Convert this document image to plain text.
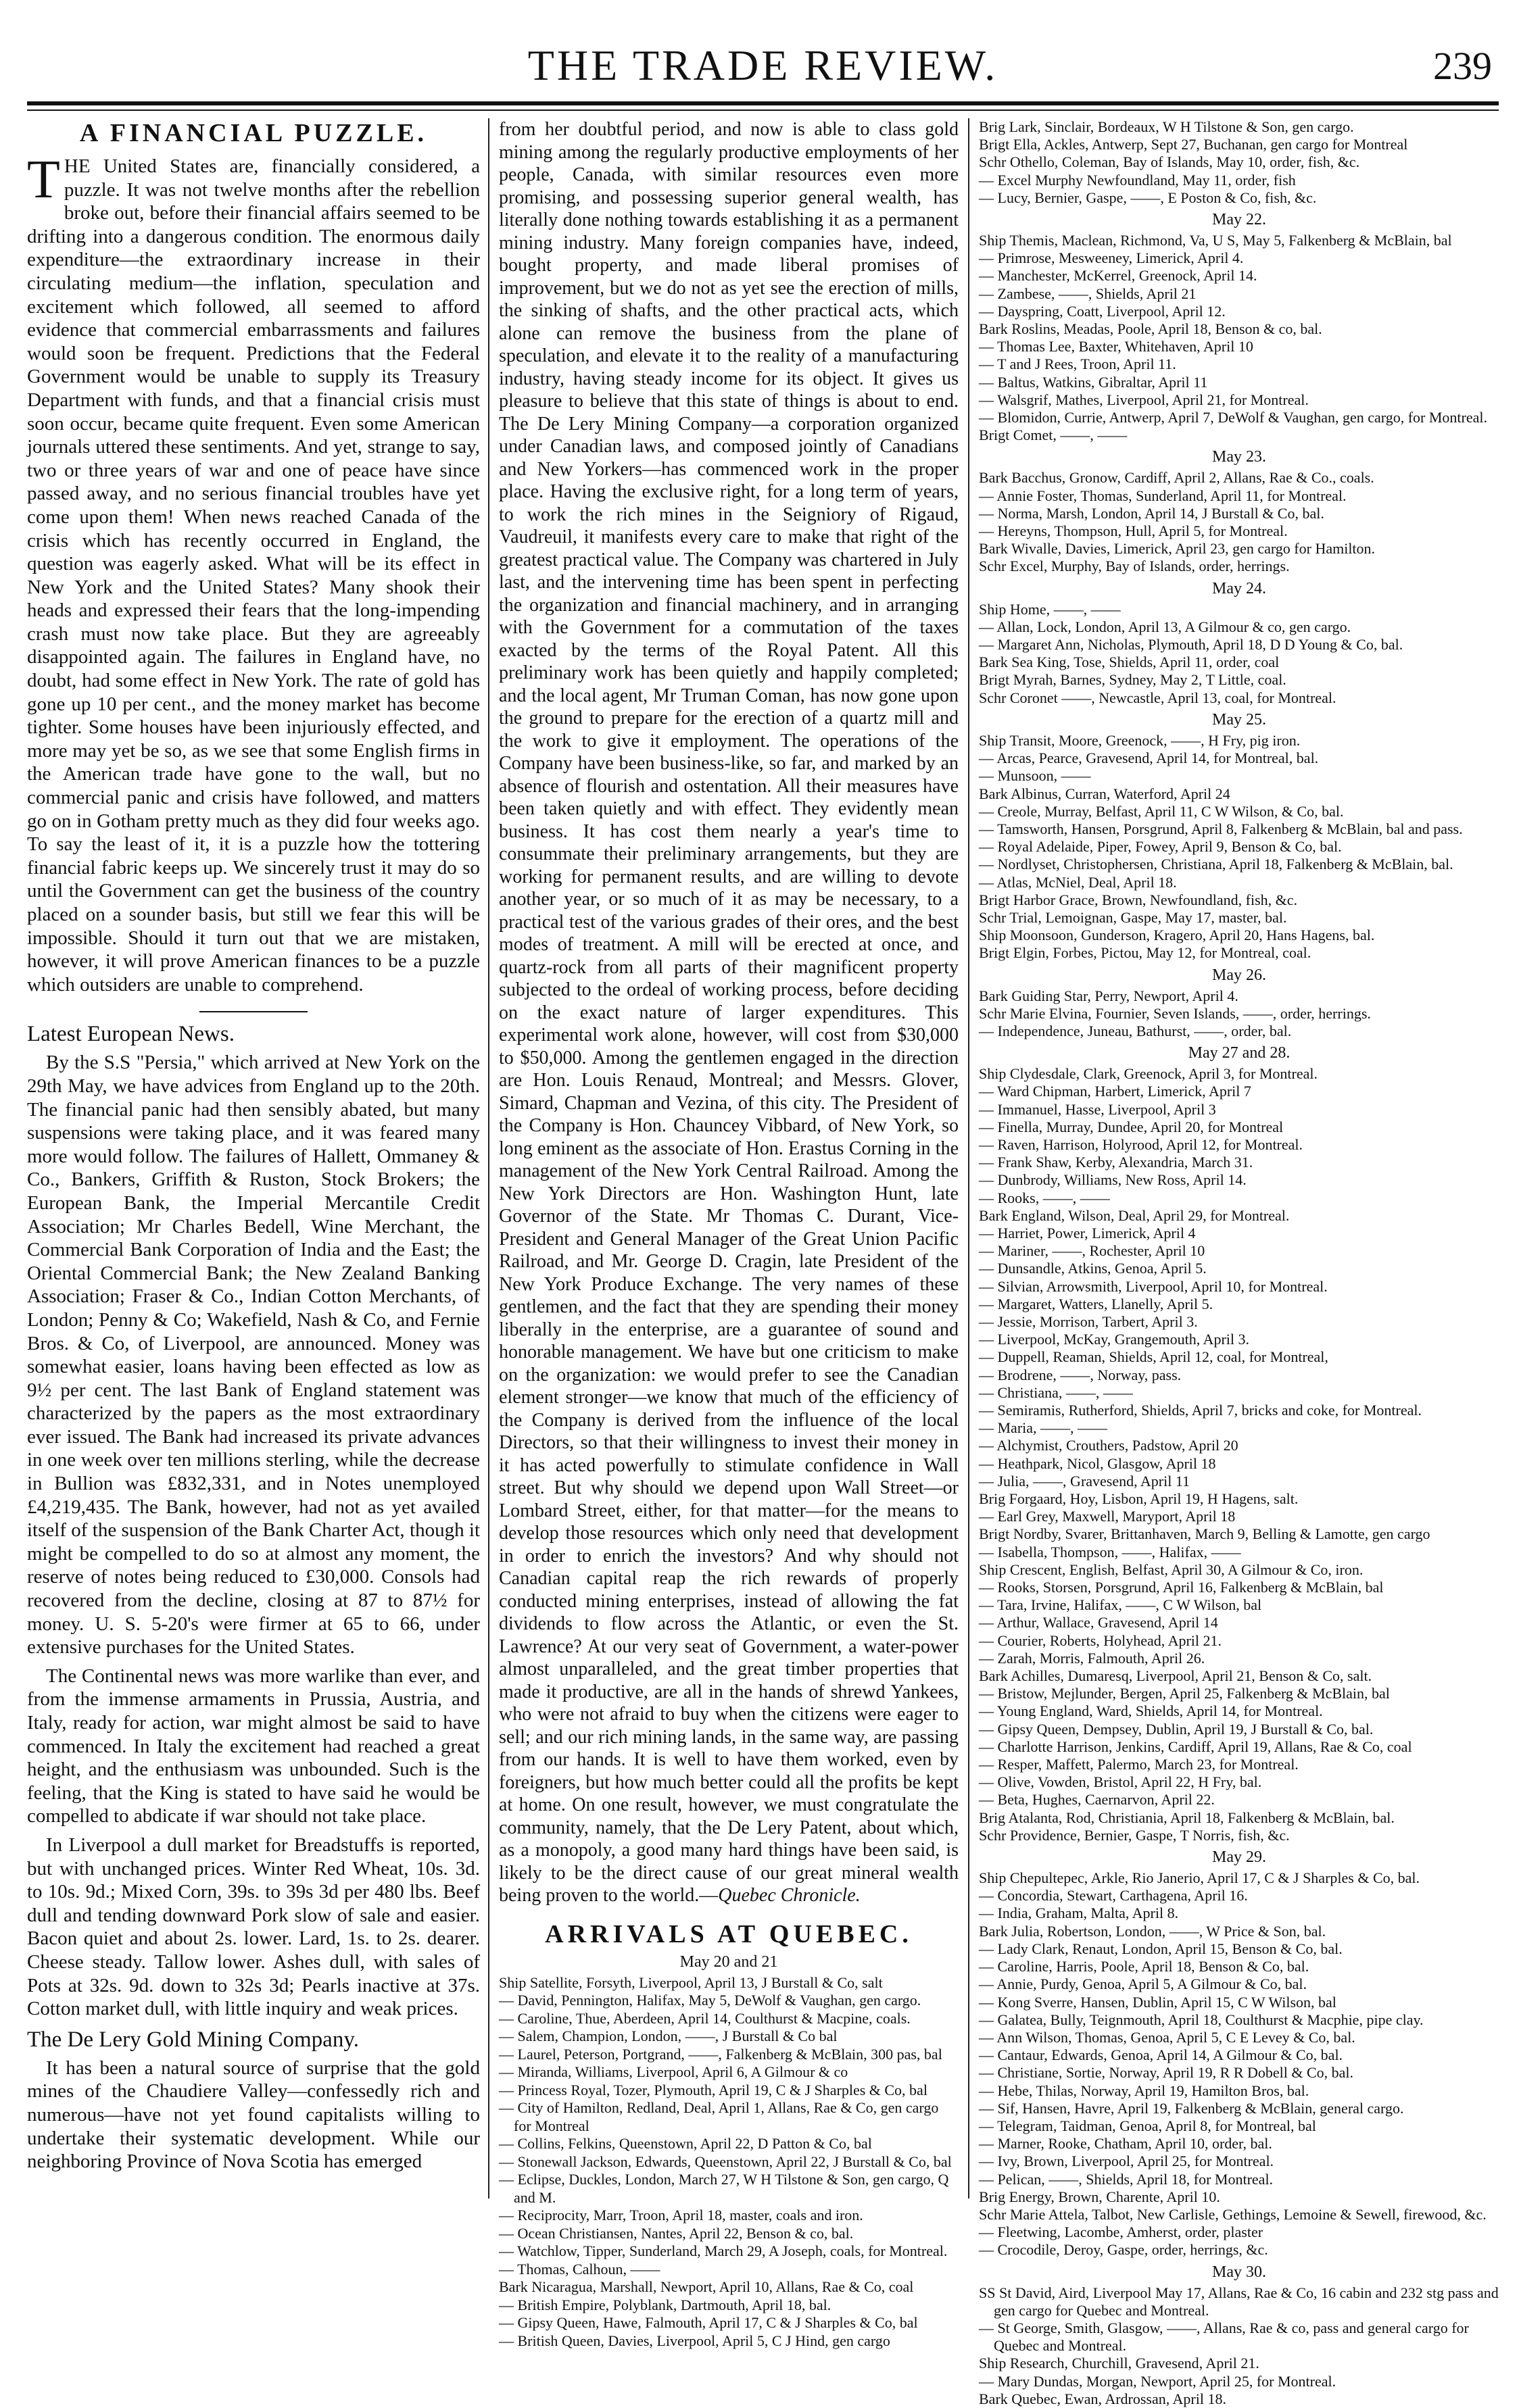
THE TRADE REVIEW.	239
A FINANCIAL PUZZLE.

THE United States are, financially considered, a puzzle. It was not twelve months after the rebellion broke out, before their financial affairs seemed to be drifting into a dangerous condition. The enormous daily expenditure—the extraordinary increase in their circulating medium—the inflation, speculation and excitement which followed, all seemed to afford evidence that commercial embarrassments and failures would soon be frequent. Predictions that the Federal Government would be unable to supply its Treasury Department with funds, and that a financial crisis must soon occur, became quite frequent. Even some American journals uttered these sentiments. And yet, strange to say, two or three years of war and one of peace have since passed away, and no serious financial troubles have yet come upon them! When news reached Canada of the crisis which has recently occurred in England, the question was eagerly asked. What will be its effect in New York and the United States? Many shook their heads and expressed their fears that the long-impending crash must now take place. But they are agreeably disappointed again. The failures in England have, no doubt, had some effect in New York. The rate of gold has gone up 10 per cent., and the money market has become tighter. Some houses have been injuriously effected, and more may yet be so, as we see that some English firms in the American trade have gone to the wall, but no commercial panic and crisis have followed, and matters go on in Gotham pretty much as they did four weeks ago. To say the least of it, it is a puzzle how the tottering financial fabric keeps up. We sincerely trust it may do so until the Government can get the business of the country placed on a sounder basis, but still we fear this will be impossible. Should it turn out that we are mistaken, however, it will prove American finances to be a puzzle which outsiders are unable to comprehend.

Latest European News.

By the S.S "Persia," which arrived at New York on the 29th May, we have advices from England up to the 20th. The financial panic had then sensibly abated, but many suspensions were taking place, and it was feared many more would follow. The failures of Hallett, Ommaney & Co., Bankers, Griffith & Ruston, Stock Brokers; the European Bank, the Imperial Mercantile Credit Association; Mr Charles Bedell, Wine Merchant, the Commercial Bank Corporation of India and the East; the Oriental Commercial Bank; the New Zealand Banking Association; Fraser & Co., Indian Cotton Merchants, of London; Penny & Co; Wakefield, Nash & Co, and Fernie Bros. & Co, of Liverpool, are announced. Money was somewhat easier, loans having been effected as low as 9½ per cent. The last Bank of England statement was characterized by the papers as the most extraordinary ever issued. The Bank had increased its private advances in one week over ten millions sterling, while the decrease in Bullion was £832,331, and in Notes unemployed £4,219,435. The Bank, however, had not as yet availed itself of the suspension of the Bank Charter Act, though it might be compelled to do so at almost any moment, the reserve of notes being reduced to £30,000. Consols had recovered from the decline, closing at 87 to 87½ for money. U. S. 5-20's were firmer at 65 to 66, under extensive purchases for the United States.

The Continental news was more warlike than ever, and from the immense armaments in Prussia, Austria, and Italy, ready for action, war might almost be said to have commenced. In Italy the excitement had reached a great height, and the enthusiasm was unbounded. Such is the feeling, that the King is stated to have said he would be compelled to abdicate if war should not take place.

In Liverpool a dull market for Breadstuffs is reported, but with unchanged prices. Winter Red Wheat, 10s. 3d. to 10s. 9d.; Mixed Corn, 39s. to 39s 3d per 480 lbs. Beef dull and tending downward Pork slow of sale and easier. Bacon quiet and about 2s. lower. Lard, 1s. to 2s. dearer. Cheese steady. Tallow lower. Ashes dull, with sales of Pots at 32s. 9d. down to 32s 3d; Pearls inactive at 37s. Cotton market dull, with little inquiry and weak prices.

The De Lery Gold Mining Company.

It has been a natural source of surprise that the gold mines of the Chaudiere Valley—confessedly rich and numerous—have not yet found capitalists willing to undertake their systematic development. While our neighboring Province of Nova Scotia has emerged

from her doubtful period, and now is able to class gold mining among the regularly productive employments of her people, Canada, with similar resources even more promising, and possessing superior general wealth, has literally done nothing towards establishing it as a permanent mining industry. Many foreign companies have, indeed, bought property, and made liberal promises of improvement, but we do not as yet see the erection of mills, the sinking of shafts, and the other practical acts, which alone can remove the business from the plane of speculation, and elevate it to the reality of a manufacturing industry, having steady income for its object. It gives us pleasure to believe that this state of things is about to end. The De Lery Mining Company—a corporation organized under Canadian laws, and composed jointly of Canadians and New Yorkers—has commenced work in the proper place. Having the exclusive right, for a long term of years, to work the rich mines in the Seigniory of Rigaud, Vaudreuil, it manifests every care to make that right of the greatest practical value. The Company was chartered in July last, and the intervening time has been spent in perfecting the organization and financial machinery, and in arranging with the Government for a commutation of the taxes exacted by the terms of the Royal Patent. All this preliminary work has been quietly and happily completed; and the local agent, Mr Truman Coman, has now gone upon the ground to prepare for the erection of a quartz mill and the work to give it employment. The operations of the Company have been business-like, so far, and marked by an absence of flourish and ostentation. All their measures have been taken quietly and with effect. They evidently mean business. It has cost them nearly a year's time to consummate their preliminary arrangements, but they are working for permanent results, and are willing to devote another year, or so much of it as may be necessary, to a practical test of the various grades of their ores, and the best modes of treatment. A mill will be erected at once, and quartz-rock from all parts of their magnificent property subjected to the ordeal of working process, before deciding on the exact nature of larger expenditures. This experimental work alone, however, will cost from $30,000 to $50,000. Among the gentlemen engaged in the direction are Hon. Louis Renaud, Montreal; and Messrs. Glover, Simard, Chapman and Vezina, of this city. The President of the Company is Hon. Chauncey Vibbard, of New York, so long eminent as the associate of Hon. Erastus Corning in the management of the New York Central Railroad. Among the New York Directors are Hon. Washington Hunt, late Governor of the State. Mr Thomas C. Durant, Vice-President and General Manager of the Great Union Pacific Railroad, and Mr. George D. Cragin, late President of the New York Produce Exchange. The very names of these gentlemen, and the fact that they are spending their money liberally in the enterprise, are a guarantee of sound and honorable management. We have but one criticism to make on the organization: we would prefer to see the Canadian element stronger—we know that much of the efficiency of the Company is derived from the influence of the local Directors, so that their willingness to invest their money in it has acted powerfully to stimulate confidence in Wall street. But why should we depend upon Wall Street—or Lombard Street, either, for that matter—for the means to develop those resources which only need that development in order to enrich the investors? And why should not Canadian capital reap the rich rewards of properly conducted mining enterprises, instead of allowing the fat dividends to flow across the Atlantic, or even the St. Lawrence? At our very seat of Government, a water-power almost unparalleled, and the great timber properties that made it productive, are all in the hands of shrewd Yankees, who were not afraid to buy when the citizens were eager to sell; and our rich mining lands, in the same way, are passing from our hands. It is well to have them worked, even by foreigners, but how much better could all the profits be kept at home. On one result, however, we must congratulate the community, namely, that the De Lery Patent, about which, as a monopoly, a good many hard things have been said, is likely to be the direct cause of our great mineral wealth being proven to the world.—Quebec Chronicle.

ARRIVALS AT QUEBEC.
May 20 and 21

Ship Satellite, Forsyth, Liverpool, April 13, J Burstall & Co, salt

— David, Pennington, Halifax, May 5, DeWolf & Vaughan, gen cargo.

— Caroline, Thue, Aberdeen, April 14, Coulthurst & Macpine, coals.

— Salem, Champion, London, ——, J Burstall & Co bal

— Laurel, Peterson, Portgrand, ——, Falkenberg & McBlain, 300 pas, bal

— Miranda, Williams, Liverpool, April 6, A Gilmour & co

— Princess Royal, Tozer, Plymouth, April 19, C & J Sharples & Co, bal

— City of Hamilton, Redland, Deal, April 1, Allans, Rae & Co, gen cargo for Montreal

— Collins, Felkins, Queenstown, April 22, D Patton & Co, bal

— Stonewall Jackson, Edwards, Queenstown, April 22, J Burstall & Co, bal

— Eclipse, Duckles, London, March 27, W H Tilstone & Son, gen cargo, Q and M.

— Reciprocity, Marr, Troon, April 18, master, coals and iron.

— Ocean Christiansen, Nantes, April 22, Benson & co, bal.

— Watchlow, Tipper, Sunderland, March 29, A Joseph, coals, for Montreal.

— Thomas, Calhoun, ——

Bark Nicaragua, Marshall, Newport, April 10, Allans, Rae & Co, coal

— British Empire, Polyblank, Dartmouth, April 18, bal.

— Gipsy Queen, Hawe, Falmouth, April 17, C & J Sharples & Co, bal

— British Queen, Davies, Liverpool, April 5, C J Hind, gen cargo

Brig Lark, Sinclair, Bordeaux, W H Tilstone & Son, gen cargo.

Brigt Ella, Ackles, Antwerp, Sept 27, Buchanan, gen cargo for Montreal

Schr Othello, Coleman, Bay of Islands, May 10, order, fish, &c.

— Excel Murphy Newfoundland, May 11, order, fish

— Lucy, Bernier, Gaspe, ——, E Poston & Co, fish, &c.

May 22.

Ship Themis, Maclean, Richmond, Va, U S, May 5, Falkenberg & McBlain, bal

— Primrose, Mesweeney, Limerick, April 4.

— Manchester, McKerrel, Greenock, April 14.

— Zambese, ——, Shields, April 21

— Dayspring, Coatt, Liverpool, April 12.

Bark Roslins, Meadas, Poole, April 18, Benson & co, bal.

— Thomas Lee, Baxter, Whitehaven, April 10

— T and J Rees, Troon, April 11.

— Baltus, Watkins, Gibraltar, April 11

— Walsgrif, Mathes, Liverpool, April 21, for Montreal.

— Blomidon, Currie, Antwerp, April 7, DeWolf & Vaughan, gen cargo, for Montreal.

Brigt Comet, ——, ——

May 23.

Bark Bacchus, Gronow, Cardiff, April 2, Allans, Rae & Co., coals.

— Annie Foster, Thomas, Sunderland, April 11, for Montreal.

— Norma, Marsh, London, April 14, J Burstall & Co, bal.

— Hereyns, Thompson, Hull, April 5, for Montreal.

Bark Wivalle, Davies, Limerick, April 23, gen cargo for Hamilton.

Schr Excel, Murphy, Bay of Islands, order, herrings.

May 24.

Ship Home, ——, ——

— Allan, Lock, London, April 13, A Gilmour & co, gen cargo.

— Margaret Ann, Nicholas, Plymouth, April 18, D D Young & Co, bal.

Bark Sea King, Tose, Shields, April 11, order, coal

Brigt Myrah, Barnes, Sydney, May 2, T Little, coal.

Schr Coronet ——, Newcastle, April 13, coal, for Montreal.

May 25.

Ship Transit, Moore, Greenock, ——, H Fry, pig iron.

— Arcas, Pearce, Gravesend, April 14, for Montreal, bal.

— Munsoon, ——

Bark Albinus, Curran, Waterford, April 24

— Creole, Murray, Belfast, April 11, C W Wilson, & Co, bal.

— Tamsworth, Hansen, Porsgrund, April 8, Falkenberg & McBlain, bal and pass.

— Royal Adelaide, Piper, Fowey, April 9, Benson & Co, bal.

— Nordlyset, Christophersen, Christiana, April 18, Falkenberg & McBlain, bal.

— Atlas, McNiel, Deal, April 18.

Brigt Harbor Grace, Brown, Newfoundland, fish, &c.

Schr Trial, Lemoignan, Gaspe, May 17, master, bal.

Ship Moonsoon, Gunderson, Kragero, April 20, Hans Hagens, bal.

Brigt Elgin, Forbes, Pictou, May 12, for Montreal, coal.

May 26.

Bark Guiding Star, Perry, Newport, April 4.

Schr Marie Elvina, Fournier, Seven Islands, ——, order, herrings.

— Independence, Juneau, Bathurst, ——, order, bal.

May 27 and 28.

Ship Clydesdale, Clark, Greenock, April 3, for Montreal.

— Ward Chipman, Harbert, Limerick, April 7

— Immanuel, Hasse, Liverpool, April 3

— Finella, Murray, Dundee, April 20, for Montreal

— Raven, Harrison, Holyrood, April 12, for Montreal.

— Frank Shaw, Kerby, Alexandria, March 31.

— Dunbrody, Williams, New Ross, April 14.

— Rooks, ——, ——

Bark England, Wilson, Deal, April 29, for Montreal.

— Harriet, Power, Limerick, April 4

— Mariner, ——, Rochester, April 10

— Dunsandle, Atkins, Genoa, April 5.

— Silvian, Arrowsmith, Liverpool, April 10, for Montreal.

— Margaret, Watters, Llanelly, April 5.

— Jessie, Morrison, Tarbert, April 3.

— Liverpool, McKay, Grangemouth, April 3.

— Duppell, Reaman, Shields, April 12, coal, for Montreal,

— Brodrene, ——, Norway, pass.

— Christiana, ——, ——

— Semiramis, Rutherford, Shields, April 7, bricks and coke, for Montreal.

— Maria, ——, ——

— Alchymist, Crouthers, Padstow, April 20

— Heathpark, Nicol, Glasgow, April 18

— Julia, ——, Gravesend, April 11

Brig Forgaard, Hoy, Lisbon, April 19, H Hagens, salt.

— Earl Grey, Maxwell, Maryport, April 18

Brigt Nordby, Svarer, Brittanhaven, March 9, Belling & Lamotte, gen cargo

— Isabella, Thompson, ——, Halifax, ——

Ship Crescent, English, Belfast, April 30, A Gilmour & Co, iron.

— Rooks, Storsen, Porsgrund, April 16, Falkenberg & McBlain, bal

— Tara, Irvine, Halifax, ——, C W Wilson, bal

— Arthur, Wallace, Gravesend, April 14

— Courier, Roberts, Holyhead, April 21.

— Zarah, Morris, Falmouth, April 26.

Bark Achilles, Dumaresq, Liverpool, April 21, Benson & Co, salt.

— Bristow, Mejlunder, Bergen, April 25, Falkenberg & McBlain, bal

— Young England, Ward, Shields, April 14, for Montreal.

— Gipsy Queen, Dempsey, Dublin, April 19, J Burstall & Co, bal.

— Charlotte Harrison, Jenkins, Cardiff, April 19, Allans, Rae & Co, coal

— Resper, Maffett, Palermo, March 23, for Montreal.

— Olive, Vowden, Bristol, April 22, H Fry, bal.

— Beta, Hughes, Caernarvon, April 22.

Brig Atalanta, Rod, Christiania, April 18, Falkenberg & McBlain, bal.

Schr Providence, Bernier, Gaspe, T Norris, fish, &c.

May 29.

Ship Chepultepec, Arkle, Rio Janerio, April 17, C & J Sharples & Co, bal.

— Concordia, Stewart, Carthagena, April 16.

— India, Graham, Malta, April 8.

Bark Julia, Robertson, London, ——, W Price & Son, bal.

— Lady Clark, Renaut, London, April 15, Benson & Co, bal.

— Caroline, Harris, Poole, April 18, Benson & Co, bal.

— Annie, Purdy, Genoa, April 5, A Gilmour & Co, bal.

— Kong Sverre, Hansen, Dublin, April 15, C W Wilson, bal

— Galatea, Bully, Teignmouth, April 18, Coulthurst & Macphie, pipe clay.

— Ann Wilson, Thomas, Genoa, April 5, C E Levey & Co, bal.

— Cantaur, Edwards, Genoa, April 14, A Gilmour & Co, bal.

— Christiane, Sortie, Norway, April 19, R R Dobell & Co, bal.

— Hebe, Thilas, Norway, April 19, Hamilton Bros, bal.

— Sif, Hansen, Havre, April 19, Falkenberg & McBlain, general cargo.

— Telegram, Taidman, Genoa, April 8, for Montreal, bal

— Marner, Rooke, Chatham, April 10, order, bal.

— Ivy, Brown, Liverpool, April 25, for Montreal.

— Pelican, ——, Shields, April 18, for Montreal.

Brig Energy, Brown, Charente, April 10.

Schr Marie Attela, Talbot, New Carlisle, Gethings, Lemoine & Sewell, firewood, &c.

— Fleetwing, Lacombe, Amherst, order, plaster

— Crocodile, Deroy, Gaspe, order, herrings, &c.

May 30.

SS St David, Aird, Liverpool May 17, Allans, Rae & Co, 16 cabin and 232 stg pass and gen cargo for Quebec and Montreal.

— St George, Smith, Glasgow, ——, Allans, Rae & co, pass and general cargo for Quebec and Montreal.

Ship Research, Churchill, Gravesend, April 21.

— Mary Dundas, Morgan, Newport, April 25, for Montreal.

Bark Quebec, Ewan, Ardrossan, April 18.
